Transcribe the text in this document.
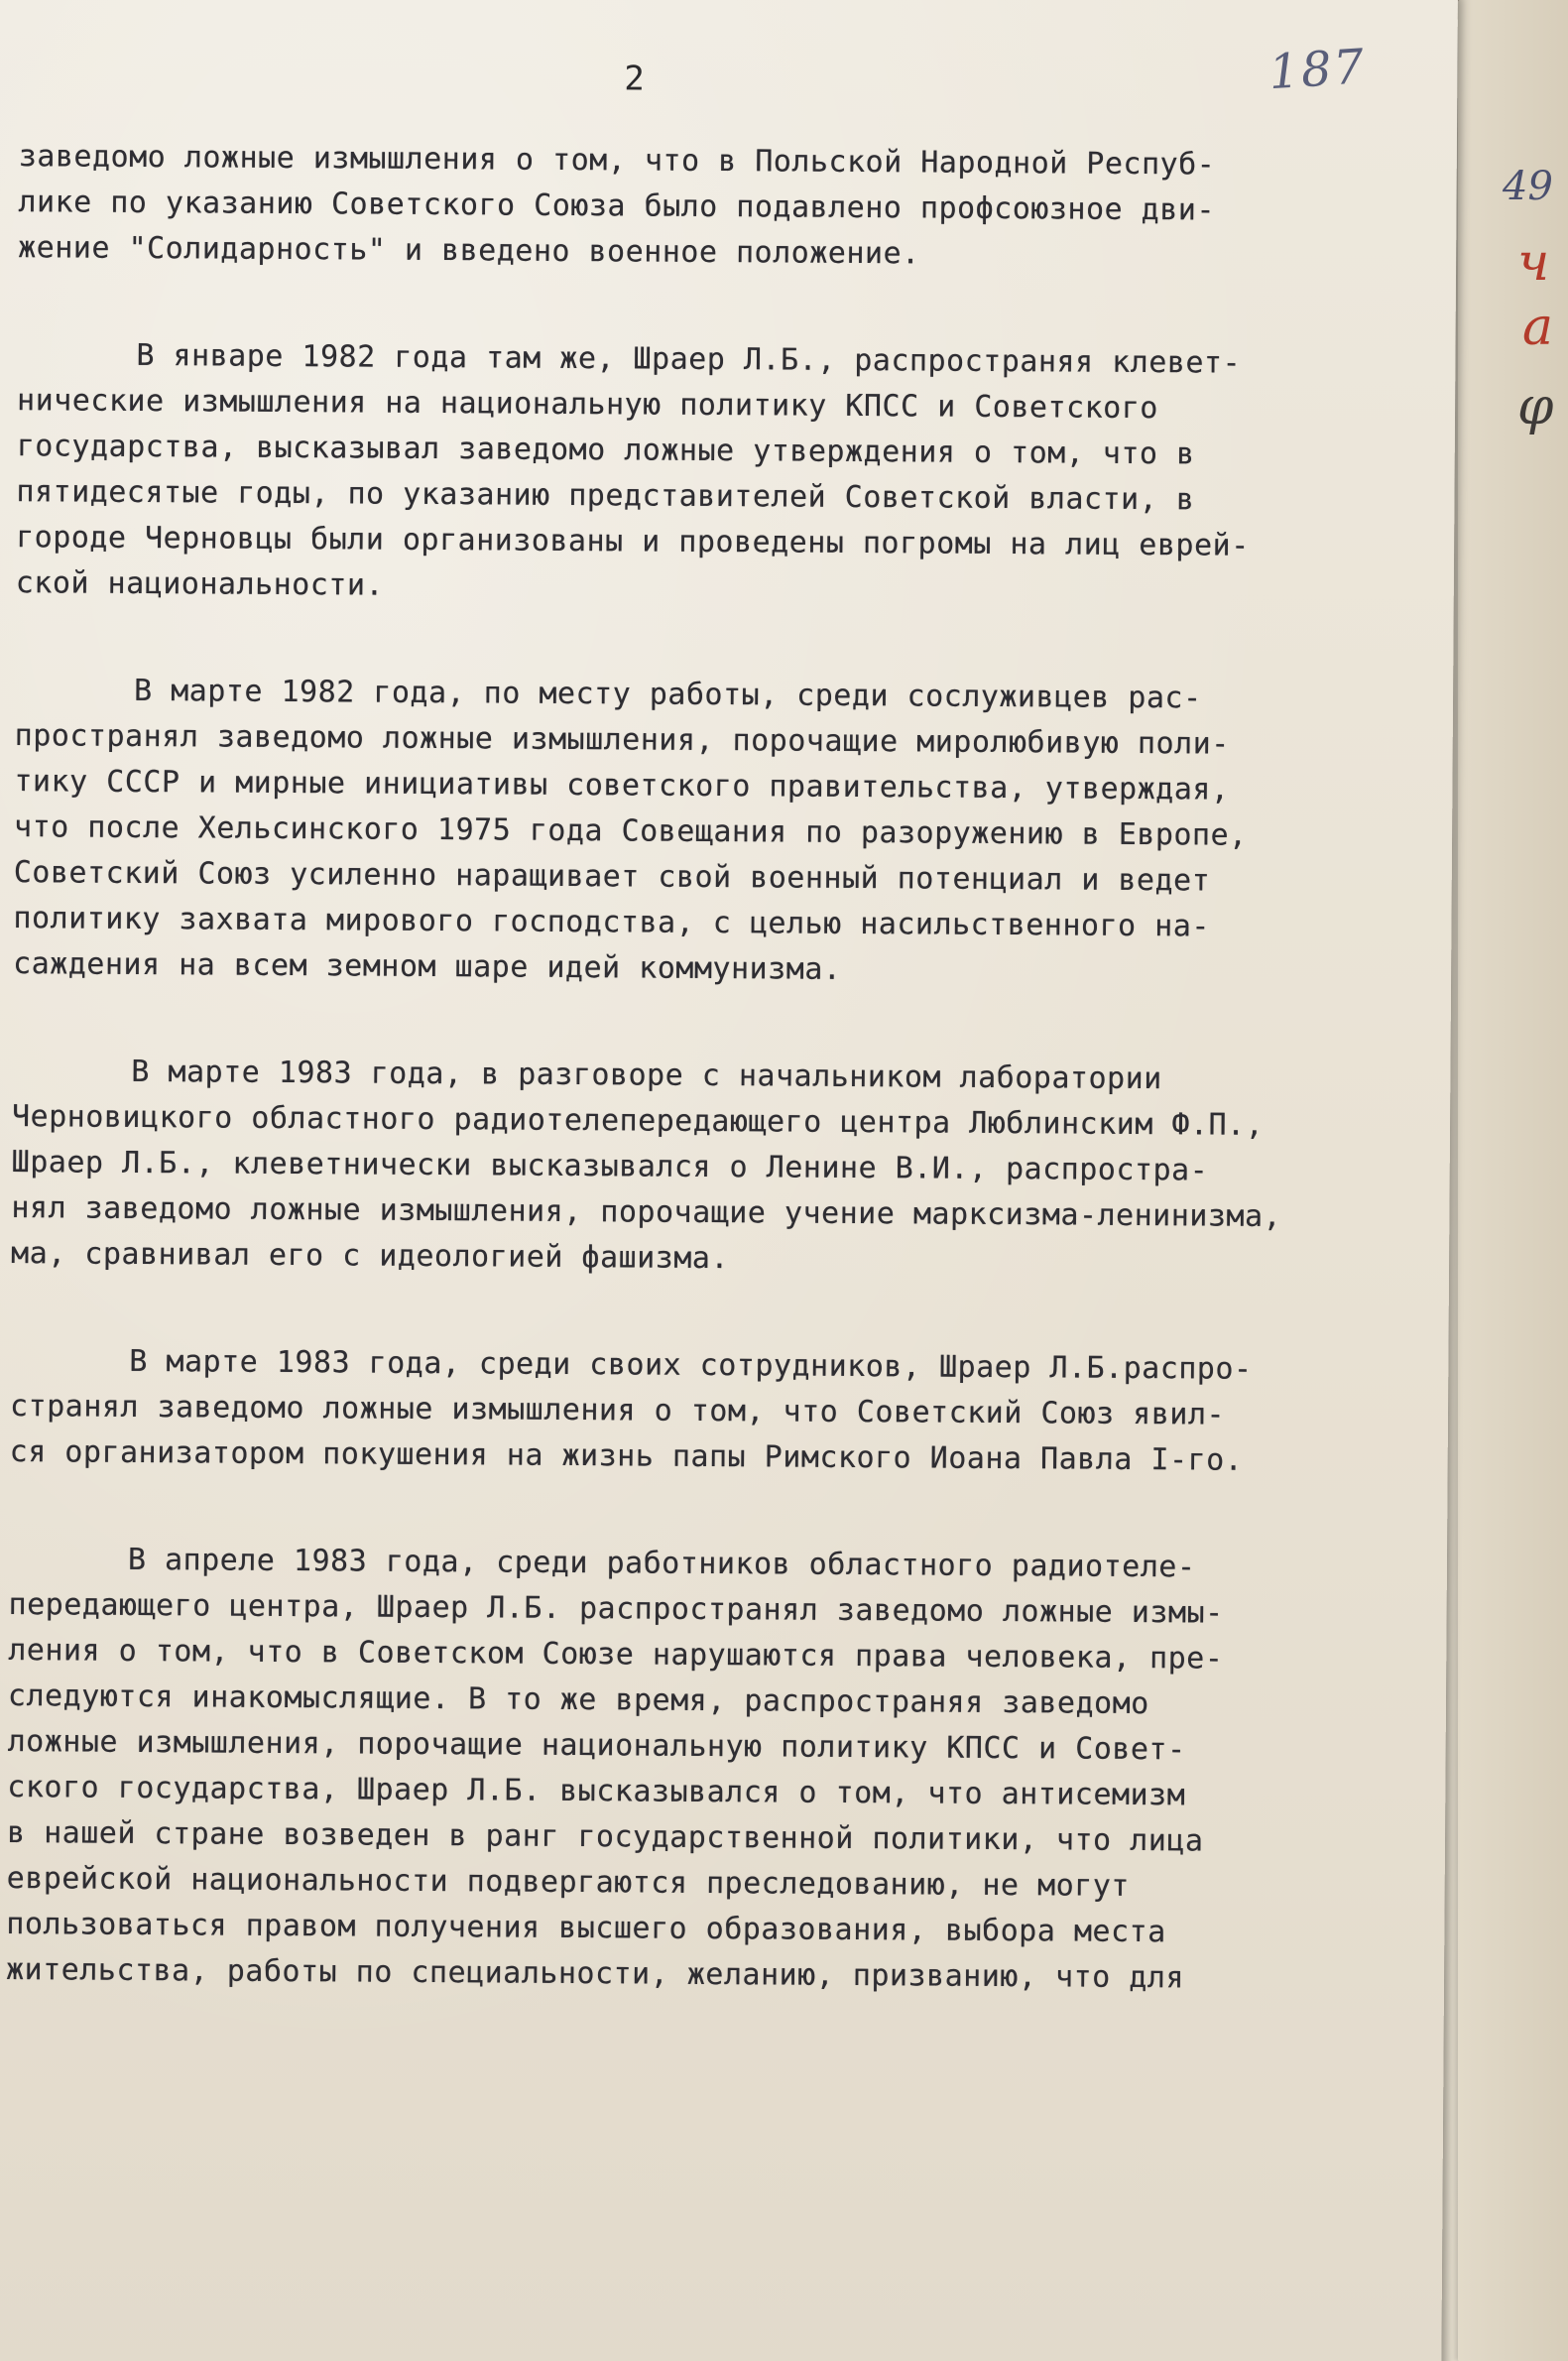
49
ч
а
φ
2	187
заведомо ложные измышления о том, что в Польской Народной Респуб-
лике по указанию Советского Союза было подавлено профсоюзное дви-
жение "Солидарность" и введено военное положение.
В январе 1982 года там же, Шраер Л.Б., распространяя клевет-
нические измышления на национальную политику КПСС и Советского
государства, высказывал заведомо ложные утверждения о том, что в
пятидесятые годы, по указанию представителей Советской власти, в
городе Черновцы были организованы и проведены погромы на лиц еврей-
ской национальности.
В марте 1982 года, по месту работы, среди сослуживцев рас-
пространял заведомо ложные измышления, порочащие миролюбивую поли-
тику СССР и мирные инициативы советского правительства, утверждая,
что после Хельсинского 1975 года Совещания по разоружению в Европе,
Советский Союз усиленно наращивает свой военный потенциал и ведет
политику захвата мирового господства, с целью насильственного на-
саждения на всем земном шаре идей коммунизма.
В марте 1983 года, в разговоре с начальником лаборатории
Черновицкого областного радиотелепередающего центра Люблинским Ф.П.,
Шраер Л.Б., клеветнически высказывался о Ленине В.И., распростра-
нял заведомо ложные измышления, порочащие учение марксизма-ленинизма,
ма, сравнивал его с идеологией фашизма.
В марте 1983 года, среди своих сотрудников, Шраер Л.Б.распро-
странял заведомо ложные измышления о том, что Советский Союз явил-
ся организатором покушения на жизнь папы Римского Иоана Павла I-го.
В апреле 1983 года, среди работников областного радиотеле-
передающего центра, Шраер Л.Б. распространял заведомо ложные измы-
ления о том, что в Советском Союзе нарушаются права человека, пре-
следуются инакомыслящие. В то же время, распространяя заведомо
ложные измышления, порочащие национальную политику КПСС и Совет-
ского государства, Шраер Л.Б. высказывался о том, что антисемизм
в нашей стране возведен в ранг государственной политики, что лица
еврейской национальности подвергаются преследованию, не могут
пользоваться правом получения высшего образования, выбора места
жительства, работы по специальности, желанию, призванию, что для
